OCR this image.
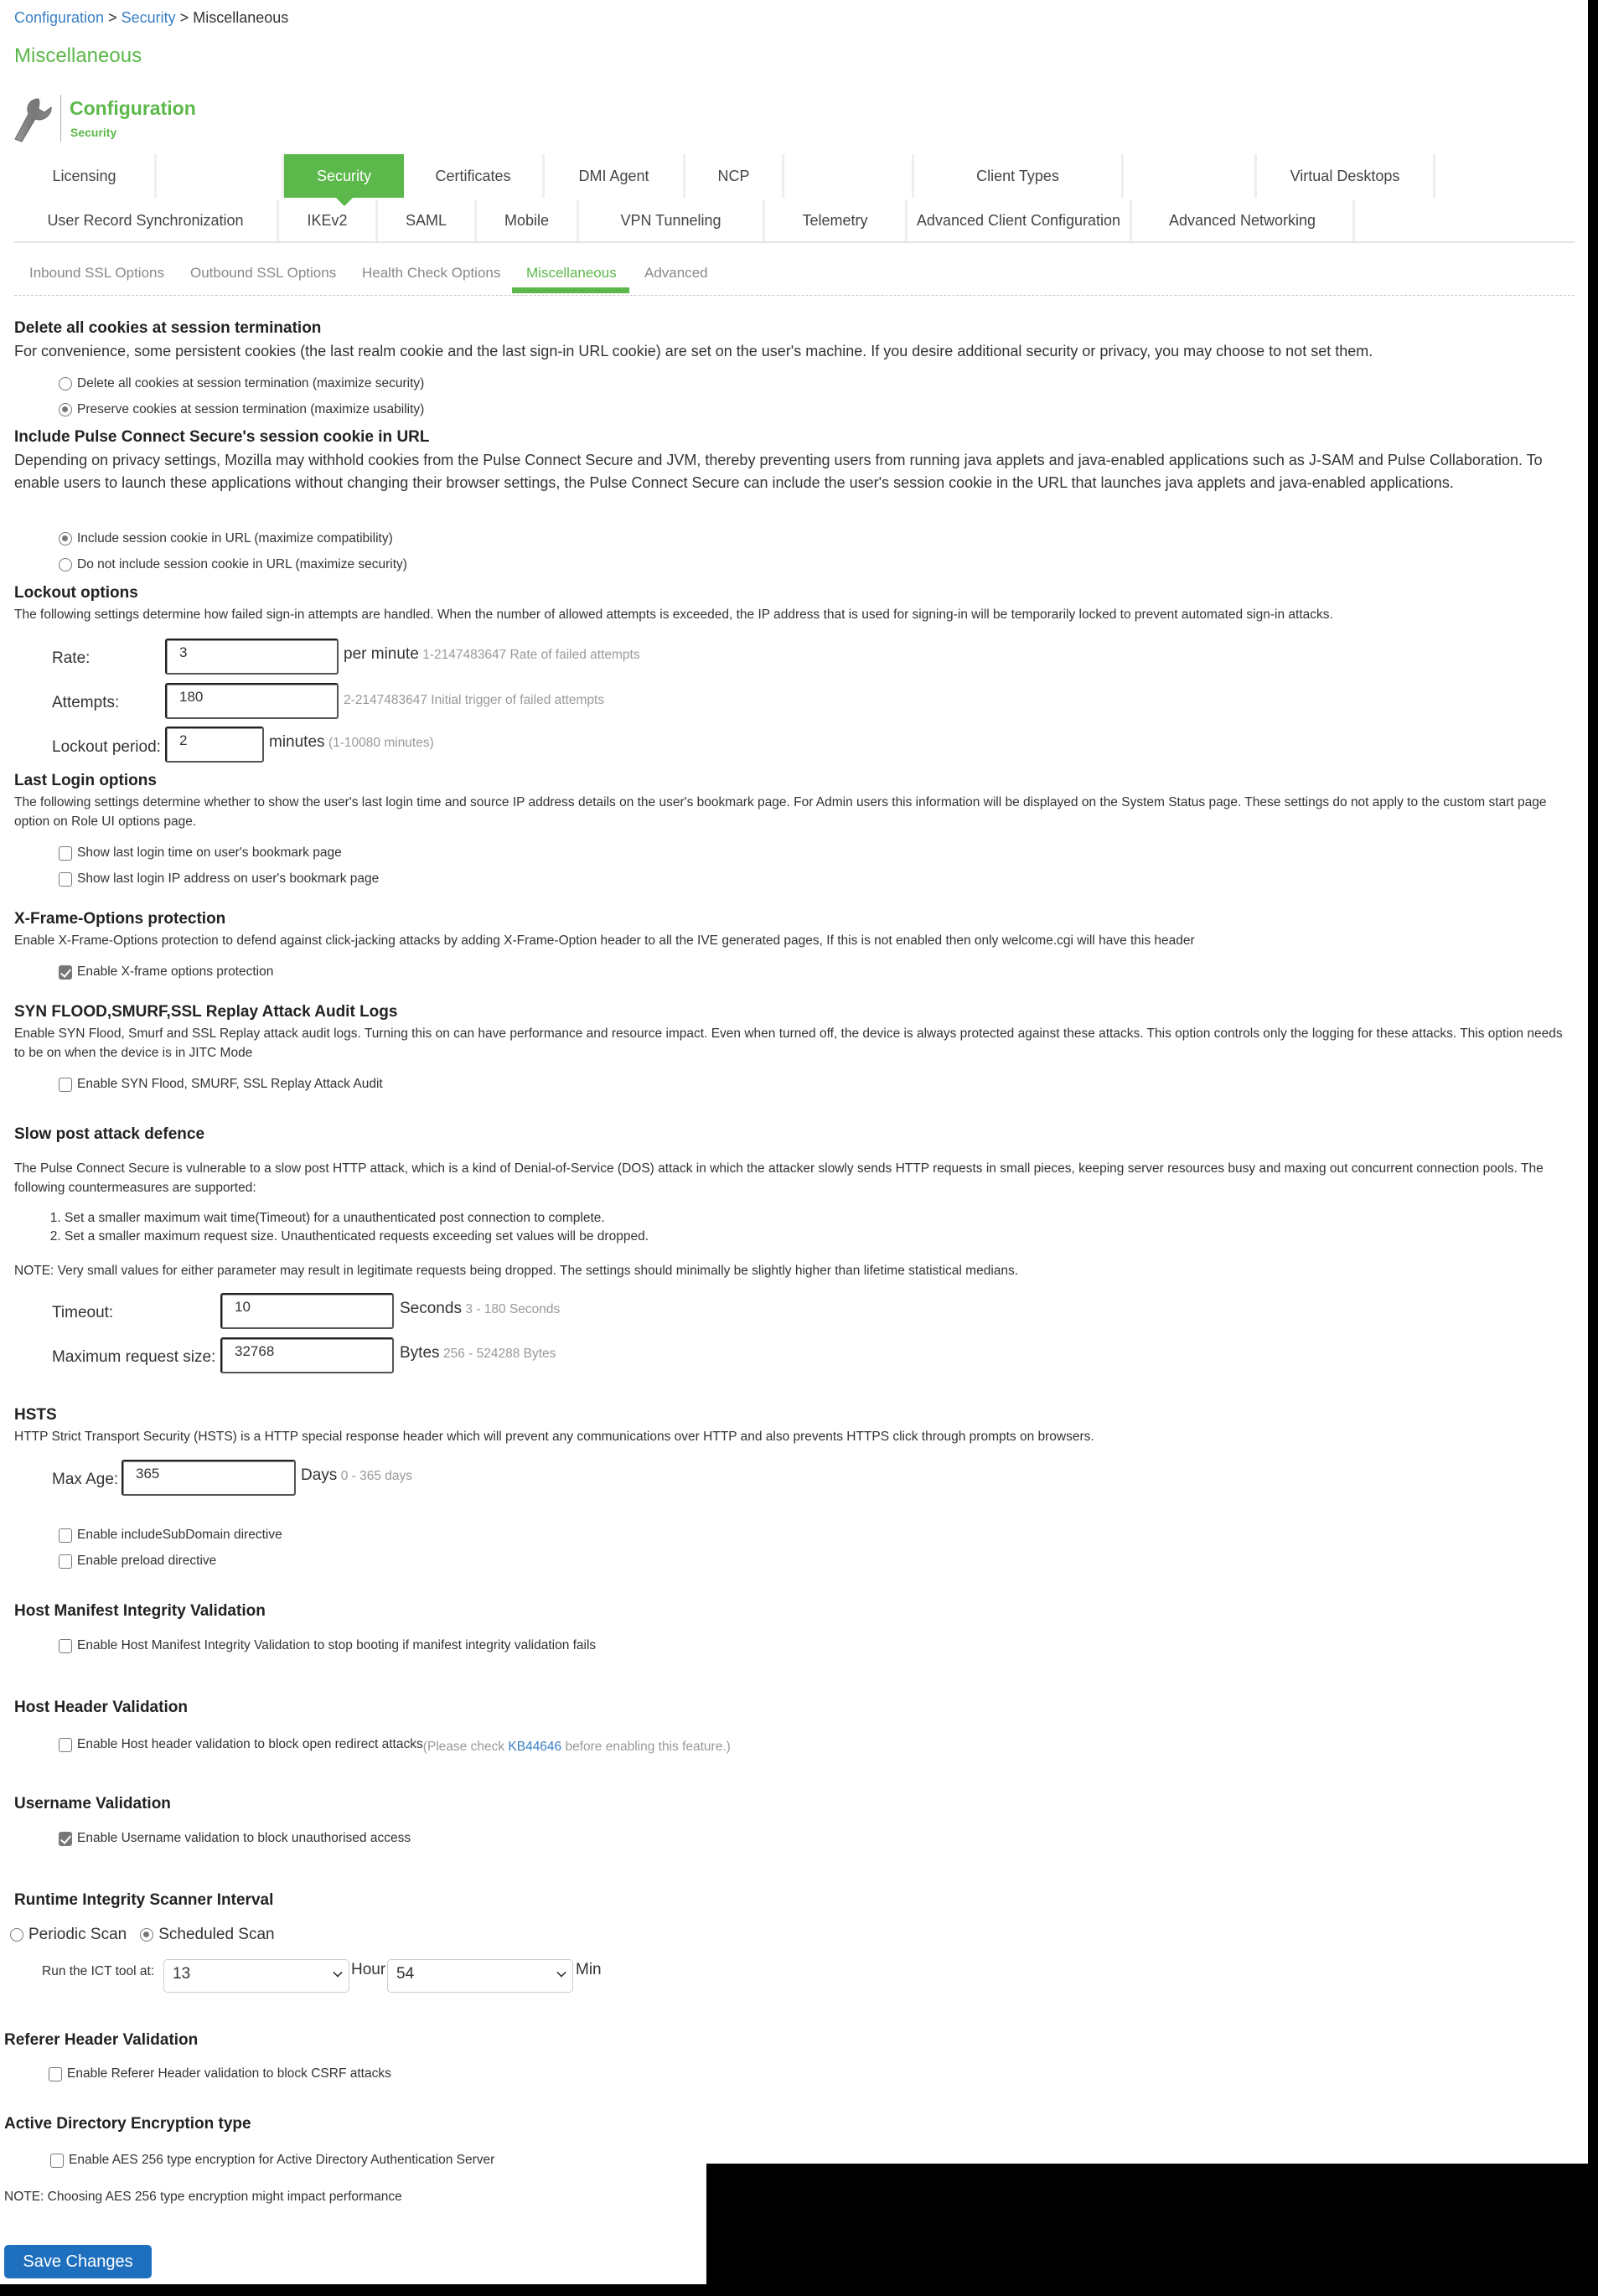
Configuration > Security > Miscellaneous
Miscellaneous
Configuration
Security
Licensing	Security	Certificates	DMI Agent	NCP	Client Types	Virtual Desktops
User Record Synchronization	IKEv2	SAML	Mobile	VPN Tunneling	Telemetry	Advanced Client Configuration	Advanced Networking
Inbound SSL Options Outbound SSL Options Health Check Options Miscellaneous Advanced
Delete all cookies at session termination
For convenience, some persistent cookies (the last realm cookie and the last sign-in URL cookie) are set on the user's machine. If you desire additional security or privacy, you may choose to not set them.
Delete all cookies at session termination (maximize security)
Preserve cookies at session termination (maximize usability)
Include Pulse Connect Secure's session cookie in URL
Depending on privacy settings, Mozilla may withhold cookies from the Pulse Connect Secure and JVM, thereby preventing users from running java applets and java-enabled applications such as J-SAM and Pulse Collaboration. To enable users to launch these applications without changing their browser settings, the Pulse Connect Secure can include the user's session cookie in the URL that launches java applets and java-enabled applications.
Include session cookie in URL (maximize compatibility)
Do not include session cookie in URL (maximize security)
Lockout options
The following settings determine how failed sign-in attempts are handled. When the number of allowed attempts is exceeded, the IP address that is used for signing-in will be temporarily locked to prevent automated sign-in attacks.
Rate:
3	per minute 1-2147483647 Rate of failed attempts
Attempts:
180	2-2147483647 Initial trigger of failed attempts
Lockout period:
2	minutes (1-10080 minutes)
Last Login options
The following settings determine whether to show the user's last login time and source IP address details on the user's bookmark page. For Admin users this information will be displayed on the System Status page. These settings do not apply to the custom start page option on Role UI options page.
Show last login time on user's bookmark page
Show last login IP address on user's bookmark page
X-Frame-Options protection
Enable X-Frame-Options protection to defend against click-jacking attacks by adding X-Frame-Option header to all the IVE generated pages, If this is not enabled then only welcome.cgi will have this header
Enable X-frame options protection
SYN FLOOD,SMURF,SSL Replay Attack Audit Logs
Enable SYN Flood, Smurf and SSL Replay attack audit logs. Turning this on can have performance and resource impact. Even when turned off, the device is always protected against these attacks. This option controls only the logging for these attacks. This option needs to be on when the device is in JITC Mode
Enable SYN Flood, SMURF, SSL Replay Attack Audit
Slow post attack defence
The Pulse Connect Secure is vulnerable to a slow post HTTP attack, which is a kind of Denial-of-Service (DOS) attack in which the attacker slowly sends HTTP requests in small pieces, keeping server resources busy and maxing out concurrent connection pools. The following countermeasures are supported:
1. Set a smaller maximum wait time(Timeout) for a unauthenticated post connection to complete.
2. Set a smaller maximum request size. Unauthenticated requests exceeding set values will be dropped.
NOTE: Very small values for either parameter may result in legitimate requests being dropped. The settings should minimally be slightly higher than lifetime statistical medians.
Timeout:
10	Seconds 3 - 180 Seconds
Maximum request size:
32768	Bytes 256 - 524288 Bytes
HSTS
HTTP Strict Transport Security (HSTS) is a HTTP special response header which will prevent any communications over HTTP and also prevents HTTPS click through prompts on browsers.
Max Age:
365	Days 0 - 365 days
Enable includeSubDomain directive
Enable preload directive
Host Manifest Integrity Validation
Enable Host Manifest Integrity Validation to stop booting if manifest integrity validation fails
Host Header Validation
Enable Host header validation to block open redirect attacks (Please check KB44646 before enabling this feature.)
Username Validation
Enable Username validation to block unauthorised access
Runtime Integrity Scanner Interval
Periodic Scan Scheduled Scan
Run the ICT tool at:	13	Hour 54	Min
Referer Header Validation
Enable Referer Header validation to block CSRF attacks
Active Directory Encryption type
Enable AES 256 type encryption for Active Directory Authentication Server
NOTE: Choosing AES 256 type encryption might impact performance
Save Changes
